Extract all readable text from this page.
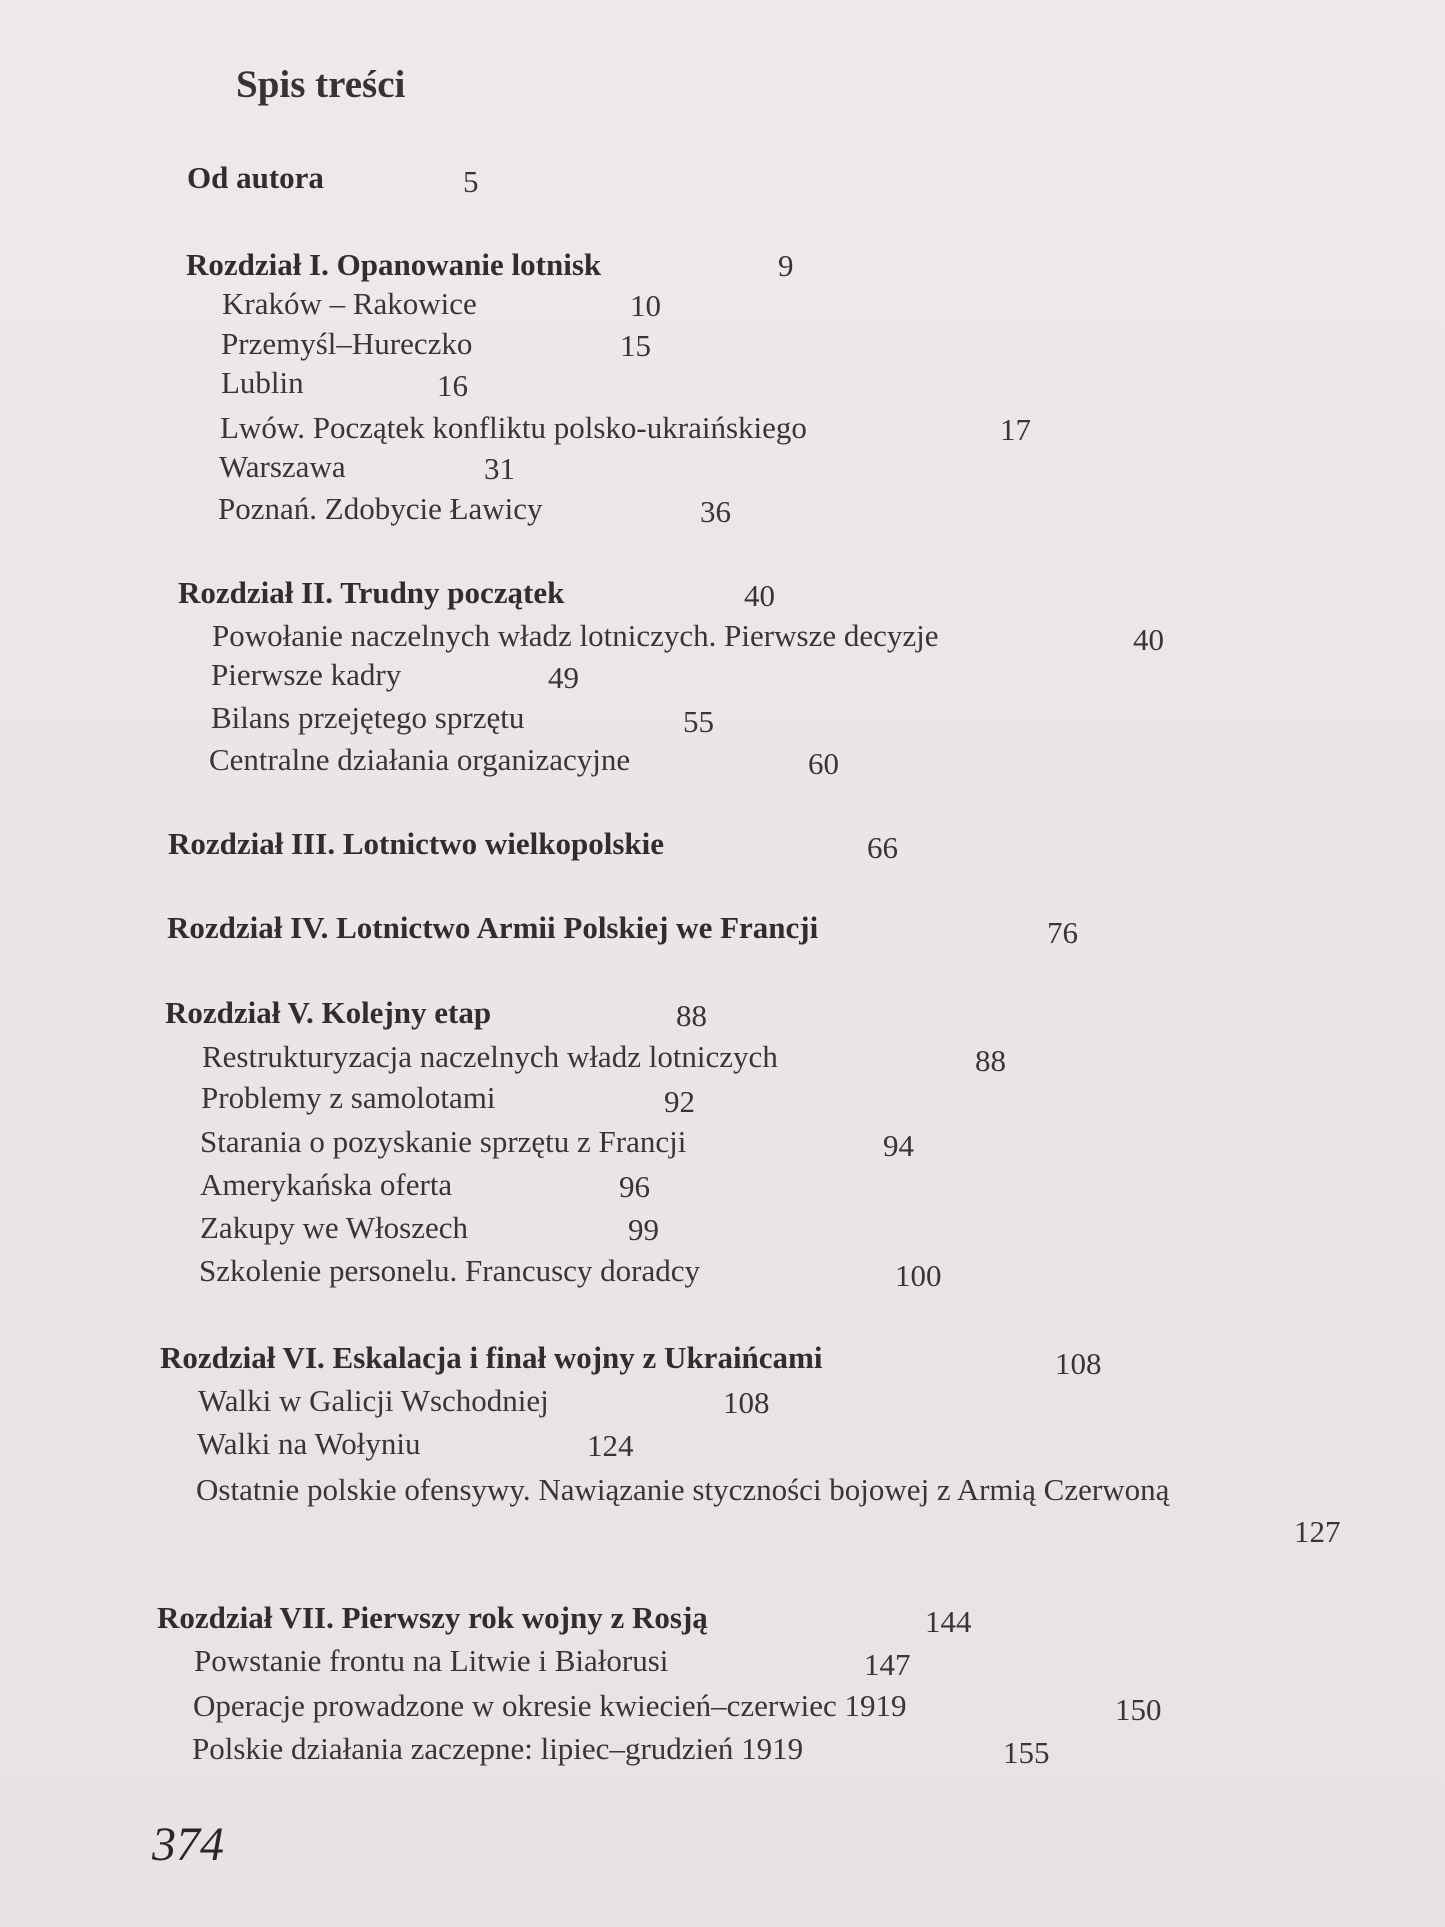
Spis treści
Od autora	5
Rozdział I. Opanowanie lotnisk	9
Kraków – Rakowice	10
Przemyśl–Hureczko	15
Lublin	16
Lwów. Początek konfliktu polsko-ukraińskiego	17
Warszawa	31
Poznań. Zdobycie Ławicy	36
Rozdział II. Trudny początek	40
Powołanie naczelnych władz lotniczych. Pierwsze decyzje	40
Pierwsze kadry	49
Bilans przejętego sprzętu	55
Centralne działania organizacyjne	60
Rozdział III. Lotnictwo wielkopolskie	66
Rozdział IV. Lotnictwo Armii Polskiej we Francji	76
Rozdział V. Kolejny etap	88
Restrukturyzacja naczelnych władz lotniczych	88
Problemy z samolotami	92
Starania o pozyskanie sprzętu z Francji	94
Amerykańska oferta	96
Zakupy we Włoszech	99
Szkolenie personelu. Francuscy doradcy	100
Rozdział VI. Eskalacja i finał wojny z Ukraińcami	108
Walki w Galicji Wschodniej	108
Walki na Wołyniu	124
Ostatnie polskie ofensywy. Nawiązanie styczności bojowej z Armią Czerwoną
127
Rozdział VII. Pierwszy rok wojny z Rosją	144
Powstanie frontu na Litwie i Białorusi	147
Operacje prowadzone w okresie kwiecień–czerwiec 1919	150
Polskie działania zaczepne: lipiec–grudzień 1919	155
374
